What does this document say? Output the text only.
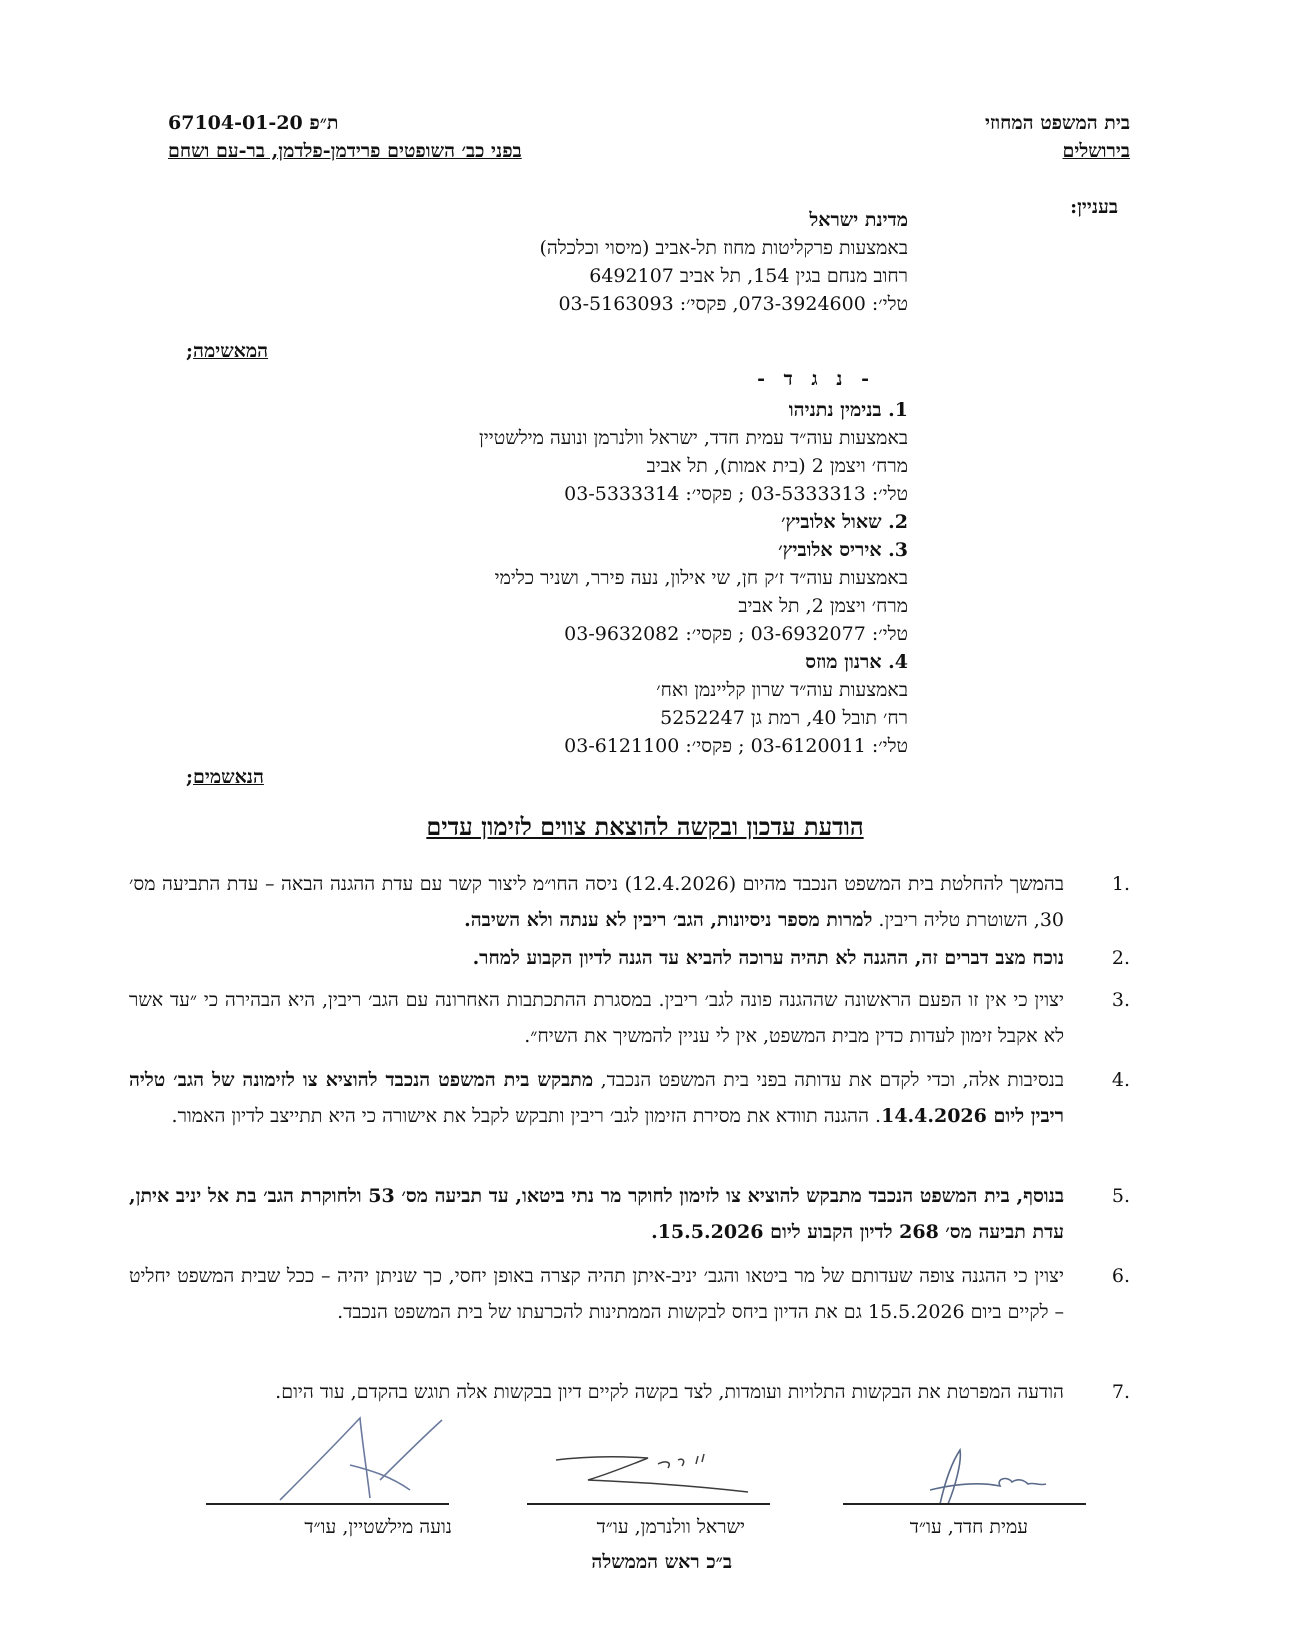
בית המשפט המחוזי
בירושלים
ת״פ 67104-01-20
בפני כב׳ השופטים פרידמן-פלדמן, בר-עם ושחם
בעניין:
מדינת ישראל
באמצעות פרקליטות מחוז תל-אביב (מיסוי וכלכלה)
רחוב מנחם בגין 154, תל אביב 6492107
טלי׳: 073-3924600, פקסי׳: 03-5163093
המאשימה;
- נ ג ד -
1. בנימין נתניהו
באמצעות עוה״ד עמית חדד, ישראל וולנרמן ונועה מילשטיין
מרח׳ ויצמן 2 (בית אמות), תל אביב
טלי׳: 03-5333313 ; פקסי׳: 03-5333314
2. שאול אלוביץ׳
3. איריס אלוביץ׳
באמצעות עוה״ד ז׳ק חן, שי אילון, נעה פירר, ושניר כלימי
מרח׳ ויצמן 2, תל אביב
טלי׳: 03-6932077 ; פקסי׳: 03-9632082
4. ארנון מוזס
באמצעות עוה״ד שרון קליינמן ואח׳
רח׳ תובל 40, רמת גן 5252247
טלי׳: 03-6120011 ; פקסי׳: 03-6121100
הנאשמים;
הודעת עדכון ובקשה להוצאת צווים לזימון עדים
1.
בהמשך להחלטת בית המשפט הנכבד מהיום (12.4.2026) ניסה החו״מ ליצור קשר עם עדת ההגנה הבאה – עדת התביעה מס׳ 30, השוטרת טליה ריבין. למרות מספר ניסיונות, הגב׳ ריבין לא ענתה ולא השיבה.
2.
נוכח מצב דברים זה, ההגנה לא תהיה ערוכה להביא עד הגנה לדיון הקבוע למחר.
3.
יצוין כי אין זו הפעם הראשונה שההגנה פונה לגב׳ ריבין. במסגרת ההתכתבות האחרונה עם הגב׳ ריבין, היא הבהירה כי ״עד אשר לא אקבל זימון לעדות כדין מבית המשפט, אין לי עניין להמשיך את השיח״.
4.
בנסיבות אלה, וכדי לקדם את עדותה בפני בית המשפט הנכבד, מתבקש בית המשפט הנכבד להוציא צו לזימונה של הגב׳ טליה ריבין ליום 14.4.2026. ההגנה תוודא את מסירת הזימון לגב׳ ריבין ותבקש לקבל את אישורה כי היא תתייצב לדיון האמור.
5.
בנוסף, בית המשפט הנכבד מתבקש להוציא צו לזימון לחוקר מר נתי ביטאו, עד תביעה מס׳ 53 ולחוקרת הגב׳ בת אל יניב איתן, עדת תביעה מס׳ 268 לדיון הקבוע ליום 15.5.2026.
6.
יצוין כי ההגנה צופה שעדותם של מר ביטאו והגב׳ יניב-איתן תהיה קצרה באופן יחסי, כך שניתן יהיה – ככל שבית המשפט יחליט – לקיים ביום 15.5.2026 גם את הדיון ביחס לבקשות הממתינות להכרעתו של בית המשפט הנכבד.
7.
הודעה המפרטת את הבקשות התלויות ועומדות, לצד בקשה לקיים דיון בבקשות אלה תוגש בהקדם, עוד היום.
עמית חדד, עו״ד
ישראל וולנרמן, עו״ד
נועה מילשטיין, עו״ד
ב״כ ראש הממשלה
